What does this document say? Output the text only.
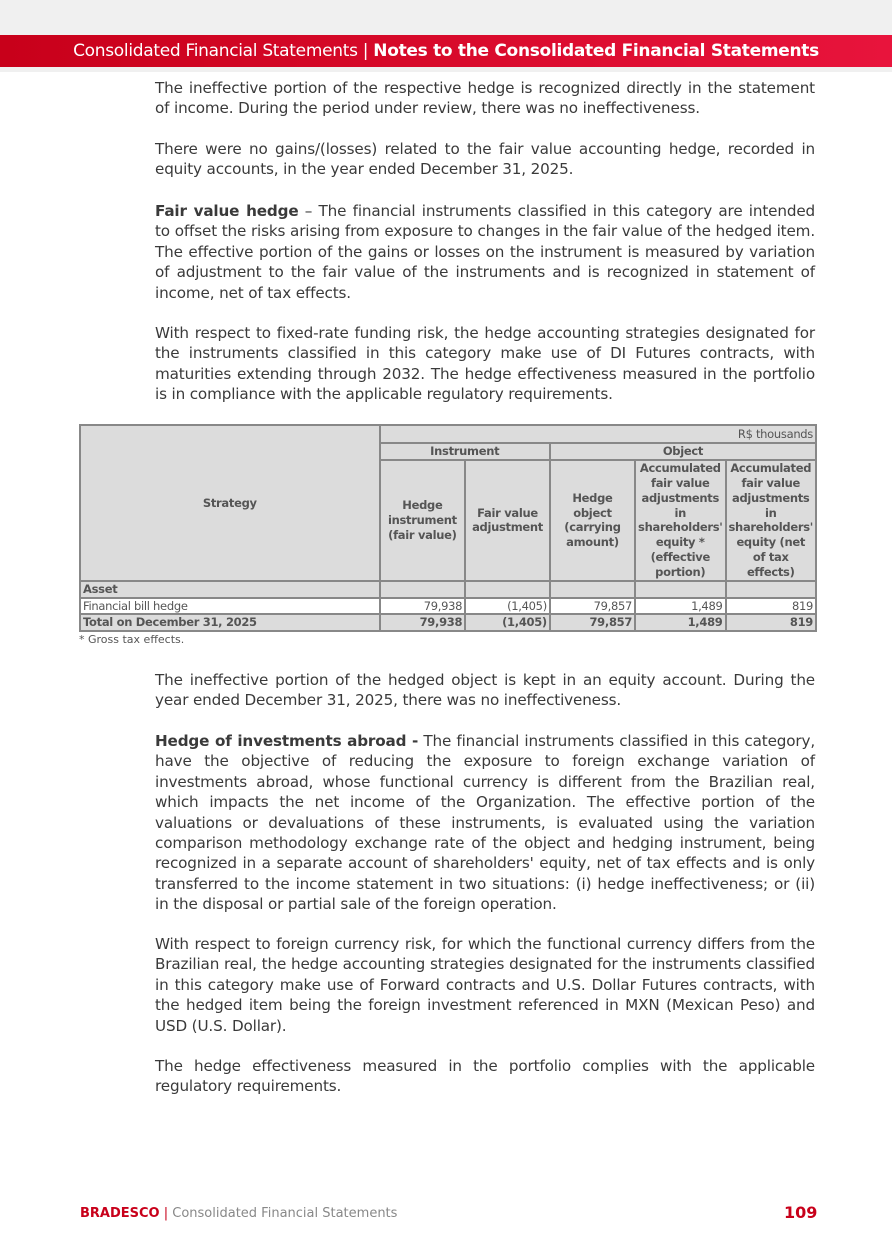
Consolidated Financial Statements | Notes to the Consolidated Financial Statements

The ineffective portion of the respective hedge is recognized directly in the statement of income. During the period under review, there was no ineffectiveness.

There were no gains/(losses) related to the fair value accounting hedge, recorded in equity accounts, in the year ended December 31, 2025.

Fair value hedge – The financial instruments classified in this category are intended to offset the risks arising from exposure to changes in the fair value of the hedged item. The effective portion of the gains or losses on the instrument is measured by variation of adjustment to the fair value of the instruments and is recognized in statement of income, net of tax effects.

With respect to fixed-rate funding risk, the hedge accounting strategies designated for the instruments classified in this category make use of DI Futures contracts, with maturities extending through 2032. The hedge effectiveness measured in the portfolio is in compliance with the applicable regulatory requirements.

Strategy	R$ thousands				
	Instrument		Object		
	Hedge instrument (fair value)	Fair value adjustment	Hedge object (carrying amount)	Accumulated fair value adjustments in shareholders' equity * (effective portion)	Accumulated fair value adjustments in shareholders' equity (net of tax effects)
Asset					
Financial bill hedge	79,938	(1,405)	79,857	1,489	819
Total on December 31, 2025	79,938	(1,405)	79,857	1,489	819
* Gross tax effects.

The ineffective portion of the hedged object is kept in an equity account. During the year ended December 31, 2025, there was no ineffectiveness.

Hedge of investments abroad - The financial instruments classified in this category, have the objective of reducing the exposure to foreign exchange variation of investments abroad, whose functional currency is different from the Brazilian real, which impacts the net income of the Organization. The effective portion of the valuations or devaluations of these instruments, is evaluated using the variation comparison methodology exchange rate of the object and hedging instrument, being recognized in a separate account of shareholders' equity, net of tax effects and is only transferred to the income statement in two situations: (i) hedge ineffectiveness; or (ii) in the disposal or partial sale of the foreign operation.

With respect to foreign currency risk, for which the functional currency differs from the Brazilian real, the hedge accounting strategies designated for the instruments classified in this category make use of Forward contracts and U.S. Dollar Futures contracts, with the hedged item being the foreign investment referenced in MXN (Mexican Peso) and USD (U.S. Dollar).

The hedge effectiveness measured in the portfolio complies with the applicable regulatory requirements.

BRADESCO | Consolidated Financial Statements	109
